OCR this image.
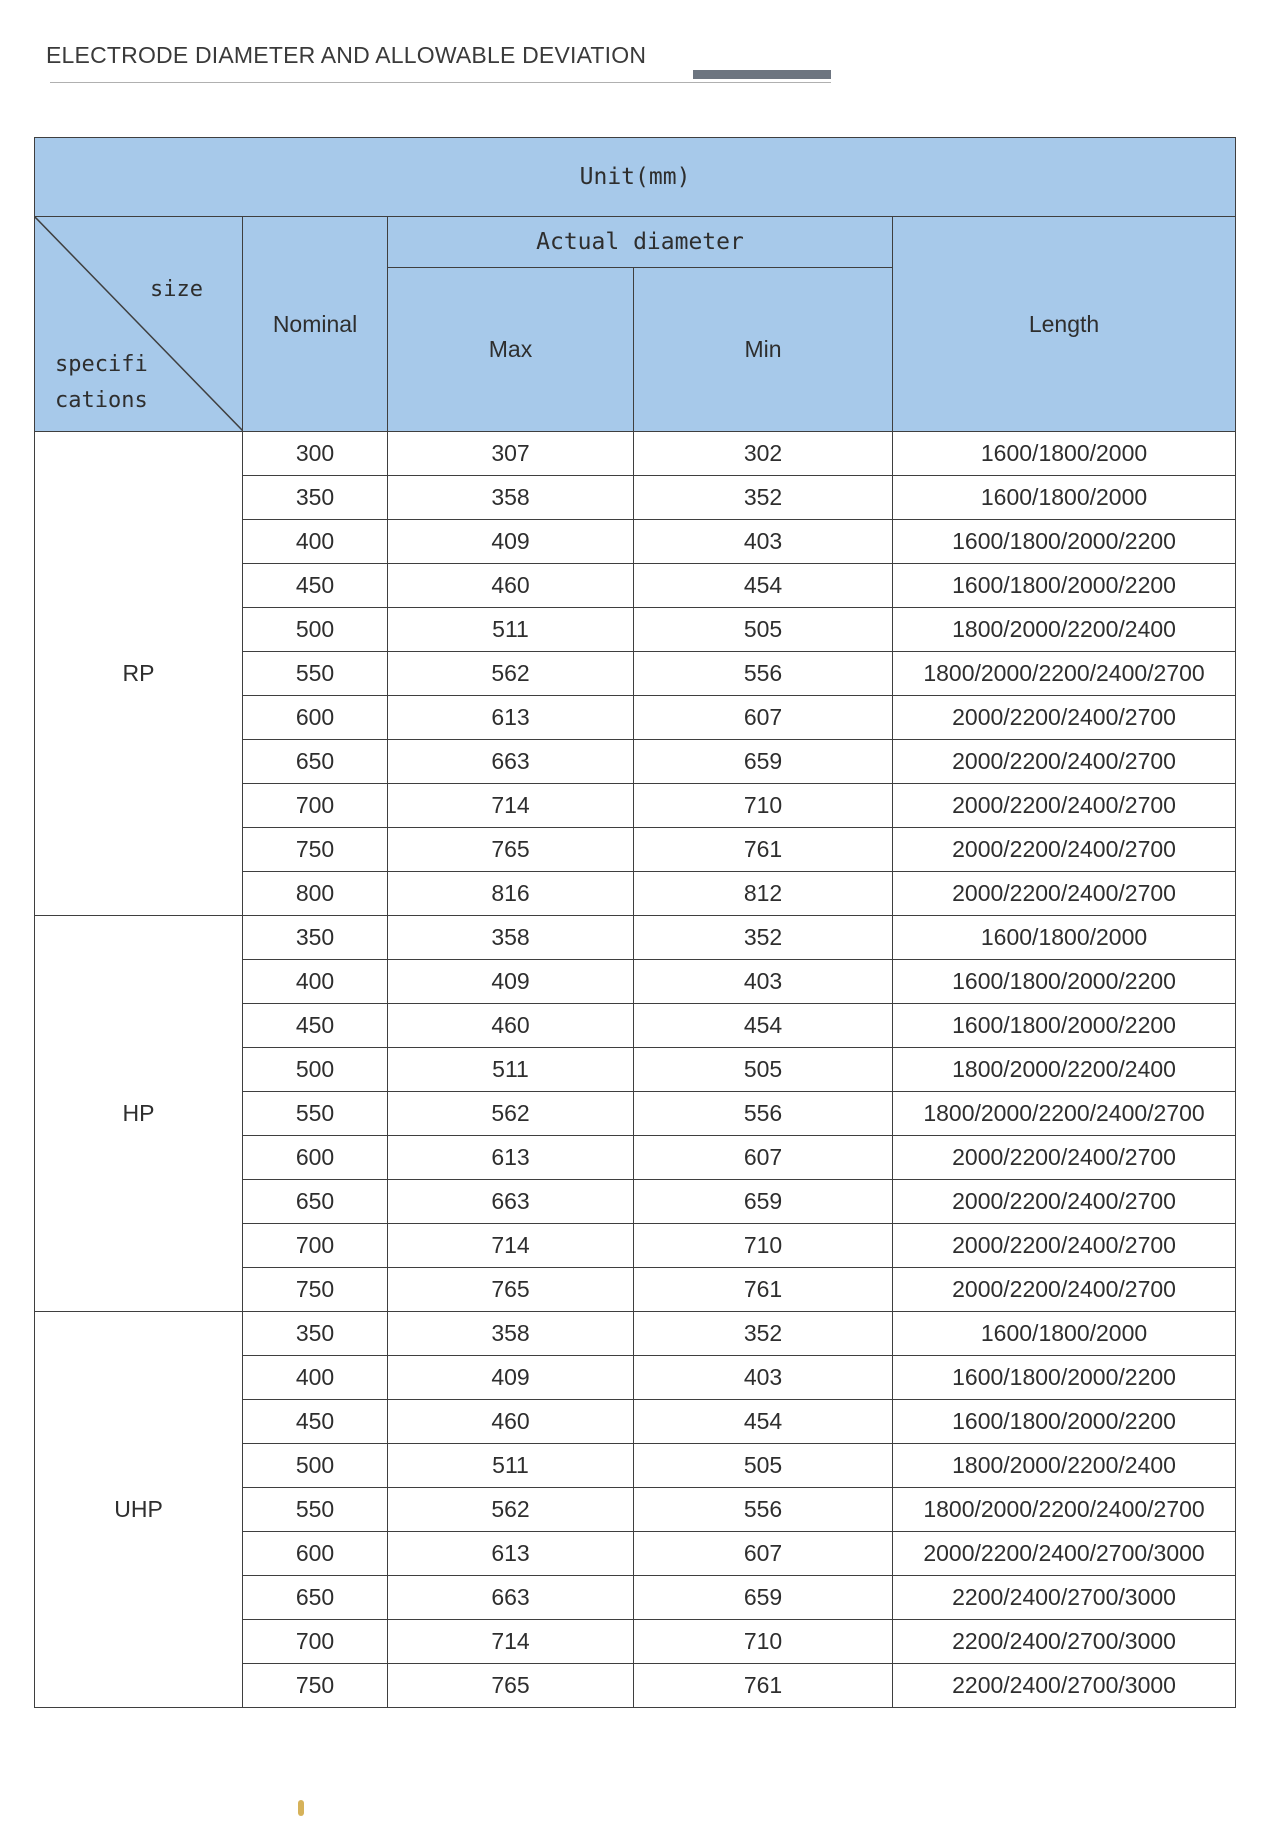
ELECTRODE DIAMETER AND ALLOWABLE DEVIATION
Unit(mm)				

size
specifi
cations	Nominal	Actual diameter		Length
		Max	Min	
RP	300	307	302	1600/1800/2000
	350	358	352	1600/1800/2000
	400	409	403	1600/1800/2000/2200
	450	460	454	1600/1800/2000/2200
	500	511	505	1800/2000/2200/2400
	550	562	556	1800/2000/2200/2400/2700
	600	613	607	2000/2200/2400/2700
	650	663	659	2000/2200/2400/2700
	700	714	710	2000/2200/2400/2700
	750	765	761	2000/2200/2400/2700
	800	816	812	2000/2200/2400/2700
HP	350	358	352	1600/1800/2000
	400	409	403	1600/1800/2000/2200
	450	460	454	1600/1800/2000/2200
	500	511	505	1800/2000/2200/2400
	550	562	556	1800/2000/2200/2400/2700
	600	613	607	2000/2200/2400/2700
	650	663	659	2000/2200/2400/2700
	700	714	710	2000/2200/2400/2700
	750	765	761	2000/2200/2400/2700
UHP	350	358	352	1600/1800/2000
	400	409	403	1600/1800/2000/2200
	450	460	454	1600/1800/2000/2200
	500	511	505	1800/2000/2200/2400
	550	562	556	1800/2000/2200/2400/2700
	600	613	607	2000/2200/2400/2700/3000
	650	663	659	2200/2400/2700/3000
	700	714	710	2200/2400/2700/3000
	750	765	761	2200/2400/2700/3000
